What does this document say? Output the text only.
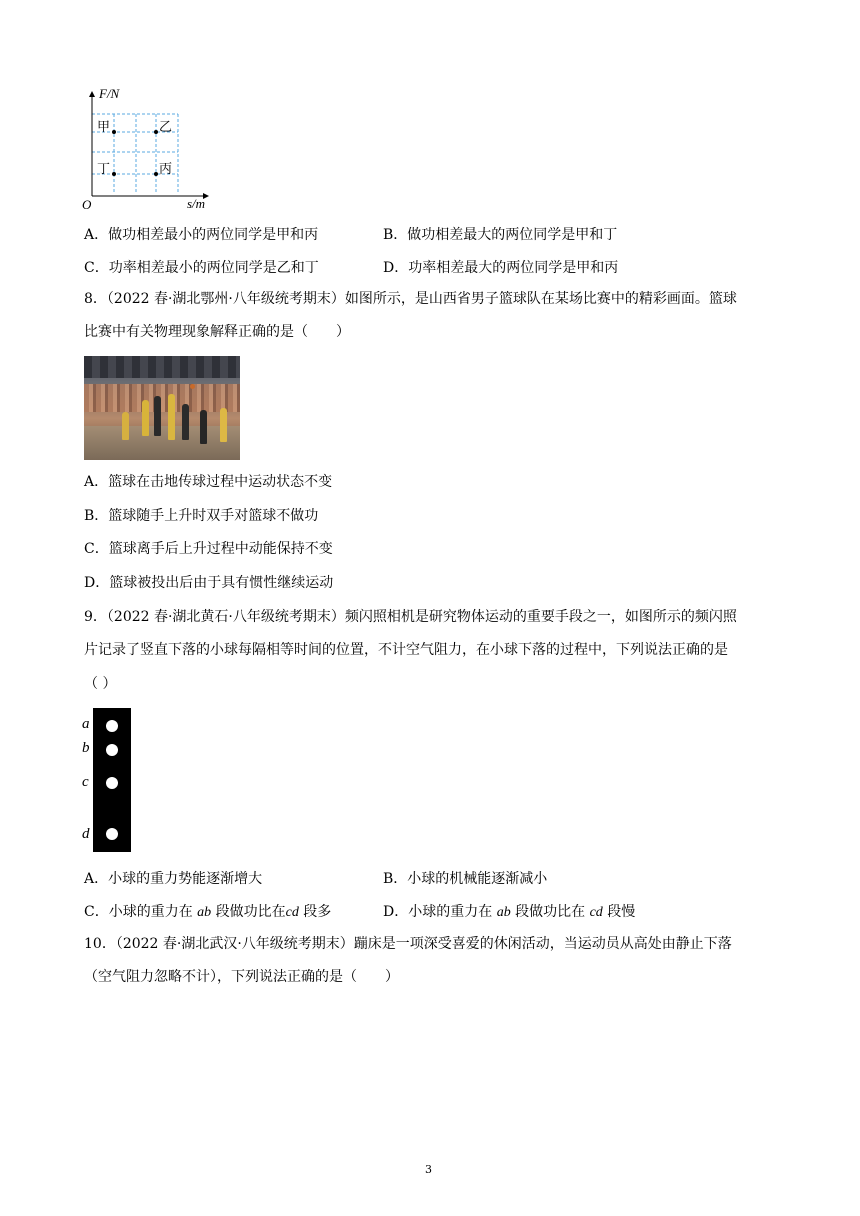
F/N
s/m
O
甲	乙
丁	丙
A．做功相差最小的两位同学是甲和丙	B．做功相差最大的两位同学是甲和丁
C．功率相差最小的两位同学是乙和丁	D．功率相差最大的两位同学是甲和丙
8．（2022 春·湖北鄂州·八年级统考期末）如图所示，是山西省男子篮球队在某场比赛中的精彩画面。篮球
比赛中有关物理现象解释正确的是（　　）
A．篮球在击地传球过程中运动状态不变
B．篮球随手上升时双手对篮球不做功
C．篮球离手后上升过程中动能保持不变
D．篮球被投出后由于具有惯性继续运动
9．（2022 春·湖北黄石·八年级统考期末）频闪照相机是研究物体运动的重要手段之一，如图所示的频闪照
片记录了竖直下落的小球每隔相等时间的位置，不计空气阻力，在小球下落的过程中，下列说法正确的是
（ ）
a
b
c
d
A．小球的重力势能逐渐增大	B．小球的机械能逐渐减小
C．小球的重力在 ab 段做功比在cd 段多	D．小球的重力在 ab 段做功比在 cd 段慢
10．（2022 春·湖北武汉·八年级统考期末）蹦床是一项深受喜爱的休闲活动，当运动员从高处由静止下落
（空气阻力忽略不计），下列说法正确的是（　　）
3
